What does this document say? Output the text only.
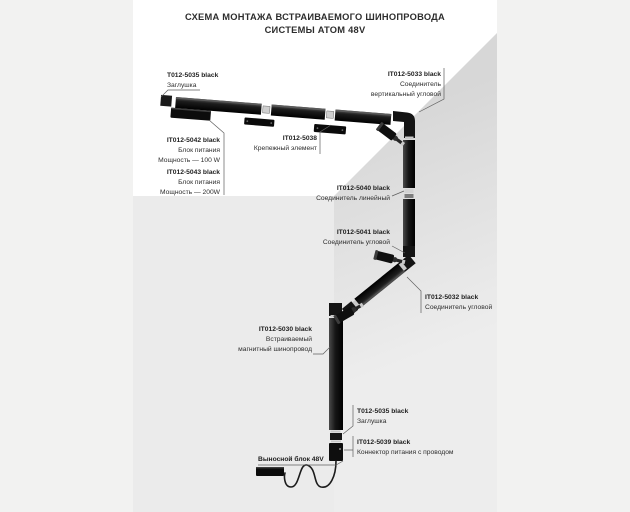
СХЕМА МОНТАЖА ВСТРАИВАЕМОГО ШИНОПРОВОДА
СИСТЕМЫ ATOM 48V
T012-5035 black
Заглушка
IT012-5042 black
Блок питания
Мощность — 100 W
IT012-5043 black
Блок питания
Мощность — 200W
IT012-5038
Крепежный элемент
IT012-5033 black
Соединитель
вертикальный угловой
IT012-5040 black
Соединитель линейный
IT012-5041 black
Соединитель угловой
IT012-5032 black
Соединитель угловой
IT012-5030 black
Встраиваемый
магнитный шинопровод
T012-5035 black
Заглушка
IT012-5039 black
Коннектор питания с проводом
Выносной блок 48V
